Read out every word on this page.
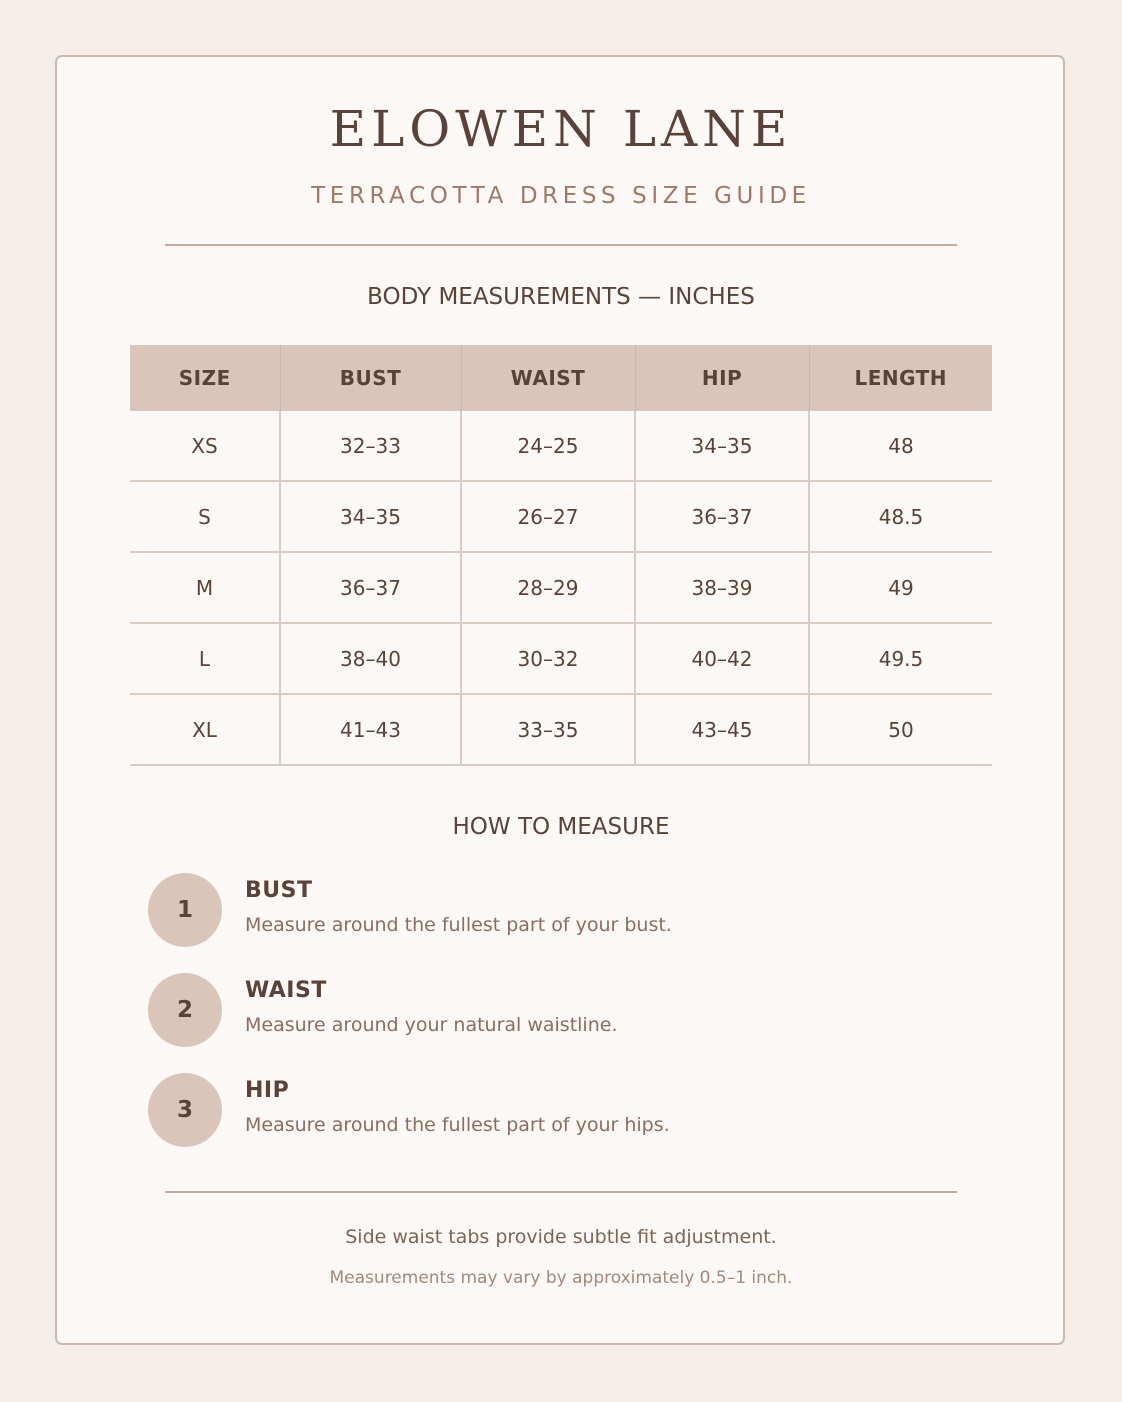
ELOWEN LANE
TERRACOTTA DRESS SIZE GUIDE
BODY MEASUREMENTS — INCHES
SIZE	BUST	WAIST	HIP	LENGTH
XS	32–33	24–25	34–35	48
S	34–35	26–27	36–37	48.5
M	36–37	28–29	38–39	49
L	38–40	30–32	40–42	49.5
XL	41–43	33–35	43–45	50
HOW TO MEASURE
1
BUST
Measure around the fullest part of your bust.
2
WAIST
Measure around your natural waistline.
3
HIP
Measure around the fullest part of your hips.
Side waist tabs provide subtle fit adjustment.
Measurements may vary by approximately 0.5–1 inch.
